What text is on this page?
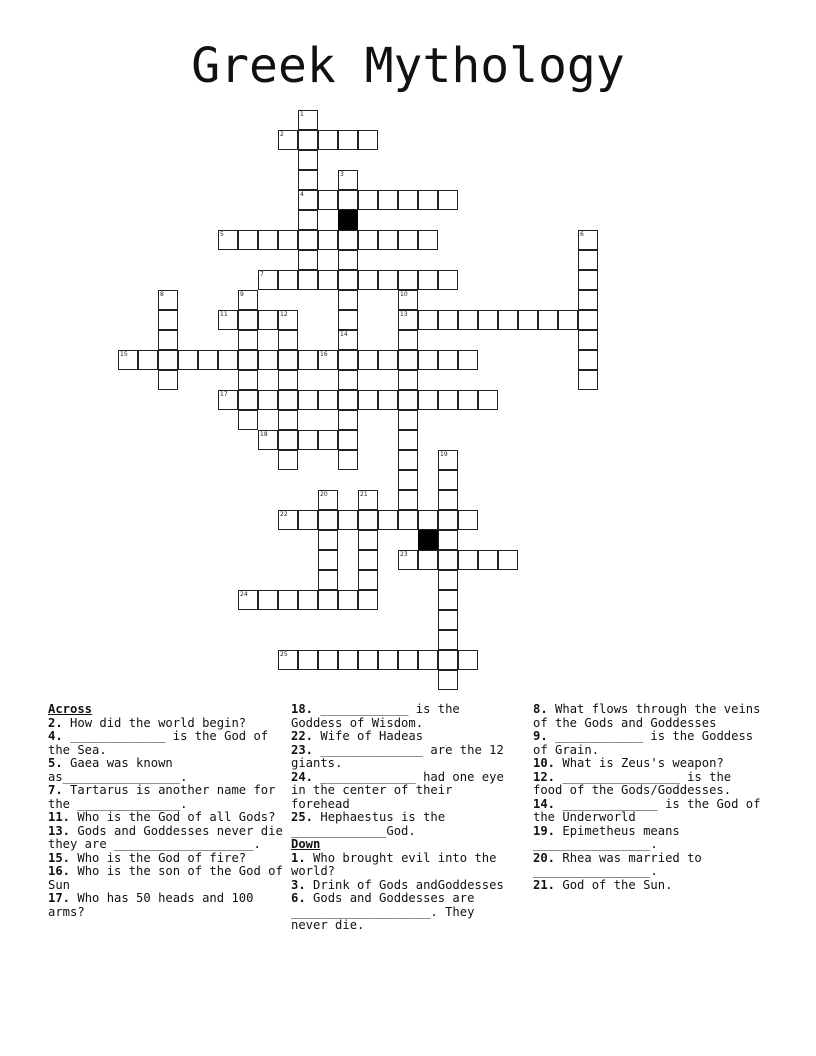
Greek Mythology
1
4
2
3
5	6
7
8	9	10
13
11	12
14
15	16
17
18
19
20	21
22
23
24
25
Across
2. How did the world begin?
4. _____________ is the God of the Sea.
5. Gaea was known as________________.
7. Tartarus is another name for the ______________.
11. Who is the God of all Gods?
13. Gods and Goddesses never die they are ___________________.
15. Who is the God of fire?
16. Who is the son of the God of Sun
17. Who has 50 heads and 100 arms?
18. ____________ is the Goddess of Wisdom.
22. Wife of Hadeas
23. ______________ are the 12 giants.
24. _____________ had one eye in the center of their forehead
25. Hephaestus is the _____________God.
Down
1. Who brought evil into the world?
3. Drink of Gods andGoddesses
6. Gods and Goddesses are ___________________. They never die.
8. What flows through the veins of the Gods and Goddesses
9. ____________ is the Goddess of Grain.
10. What is Zeus's weapon?
12. ________________ is the food of the Gods/Goddesses.
14. _____________ is the God of the Underworld
19. Epimetheus means ________________.
20. Rhea was married to ________________.
21. God of the Sun.
